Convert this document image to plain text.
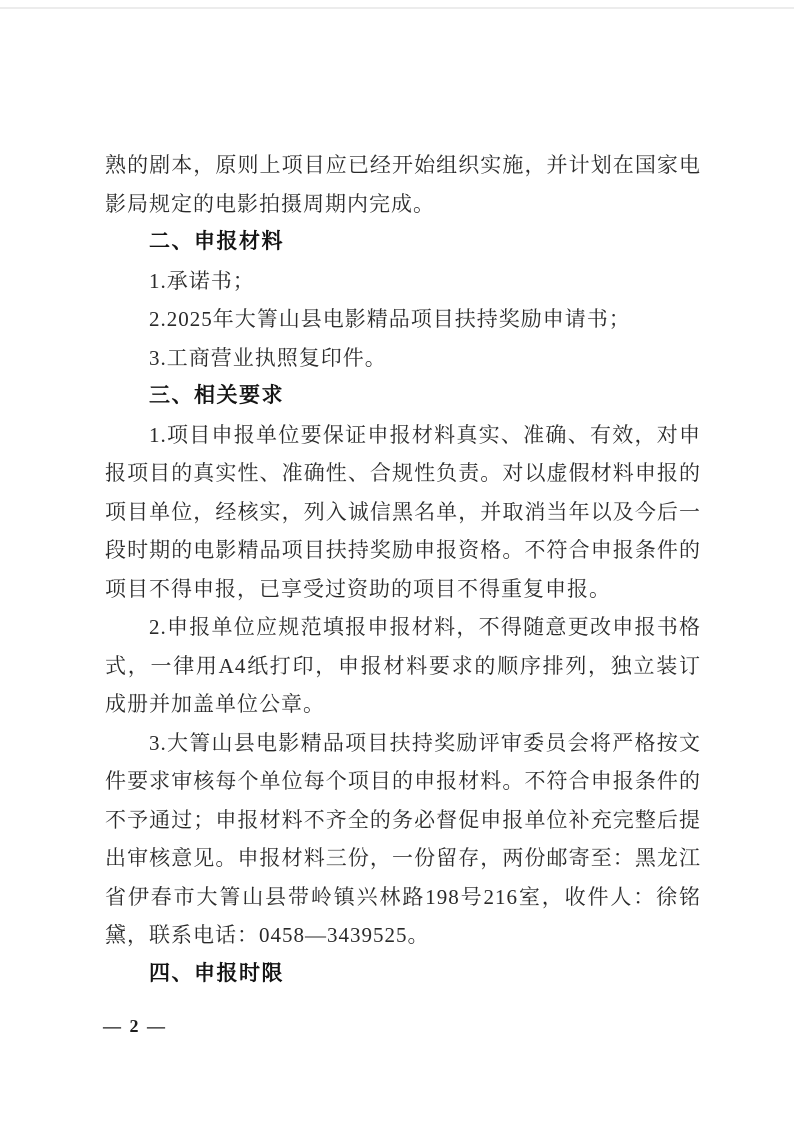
熟的剧本，原则上项目应已经开始组织实施，并计划在国家电影局规定的电影拍摄周期内完成。

二、申报材料

1.承诺书；

2.2025年大箐山县电影精品项目扶持奖励申请书；

3.工商营业执照复印件。

三、相关要求

1.项目申报单位要保证申报材料真实、准确、有效，对申报项目的真实性、准确性、合规性负责。对以虚假材料申报的项目单位，经核实，列入诚信黑名单，并取消当年以及今后一段时期的电影精品项目扶持奖励申报资格。不符合申报条件的项目不得申报，已享受过资助的项目不得重复申报。

2.申报单位应规范填报申报材料，不得随意更改申报书格式，一律用A4纸打印，申报材料要求的顺序排列，独立装订成册并加盖单位公章。

3.大箐山县电影精品项目扶持奖励评审委员会将严格按文件要求审核每个单位每个项目的申报材料。不符合申报条件的不予通过；申报材料不齐全的务必督促申报单位补充完整后提出审核意见。申报材料三份，一份留存，两份邮寄至：黑龙江省伊春市大箐山县带岭镇兴林路198号216室，收件人：徐铭黛，联系电话：0458—3439525。

四、申报时限

— 2 —
